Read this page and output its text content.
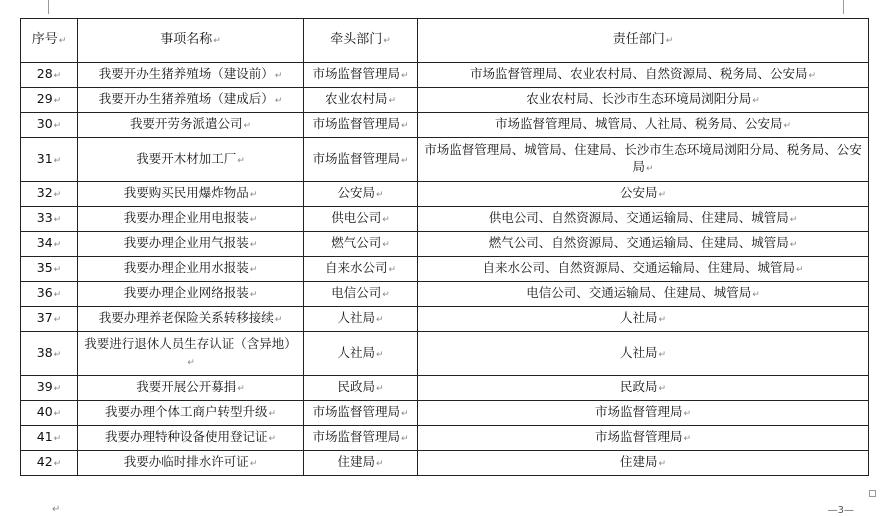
序号↵	事项名称↵	牵头部门↵	责任部门↵
28↵	我要开办生猪养殖场（建设前）↵	市场监督管理局↵	市场监督管理局、农业农村局、自然资源局、税务局、公安局↵
29↵	我要开办生猪养殖场（建成后）↵	农业农村局↵	农业农村局、长沙市生态环境局浏阳分局↵
30↵	我要开劳务派遣公司↵	市场监督管理局↵	市场监督管理局、城管局、人社局、税务局、公安局↵
31↵	我要开木材加工厂↵	市场监督管理局↵	市场监督管理局、城管局、住建局、长沙市生态环境局浏阳分局、税务局、公安局↵
32↵	我要购买民用爆炸物品↵	公安局↵	公安局↵
33↵	我要办理企业用电报装↵	供电公司↵	供电公司、自然资源局、交通运输局、住建局、城管局↵
34↵	我要办理企业用气报装↵	燃气公司↵	燃气公司、自然资源局、交通运输局、住建局、城管局↵
35↵	我要办理企业用水报装↵	自来水公司↵	自来水公司、自然资源局、交通运输局、住建局、城管局↵
36↵	我要办理企业网络报装↵	电信公司↵	电信公司、交通运输局、住建局、城管局↵
37↵	我要办理养老保险关系转移接续↵	人社局↵	人社局↵
38↵	我要进行退休人员生存认证（含异地）↵	人社局↵	人社局↵
39↵	我要开展公开募捐↵	民政局↵	民政局↵
40↵	我要办理个体工商户转型升级↵	市场监督管理局↵	市场监督管理局↵
41↵	我要办理特种设备使用登记证↵	市场监督管理局↵	市场监督管理局↵
42↵	我要办临时排水许可证↵	住建局↵	住建局↵
↵	—3—
